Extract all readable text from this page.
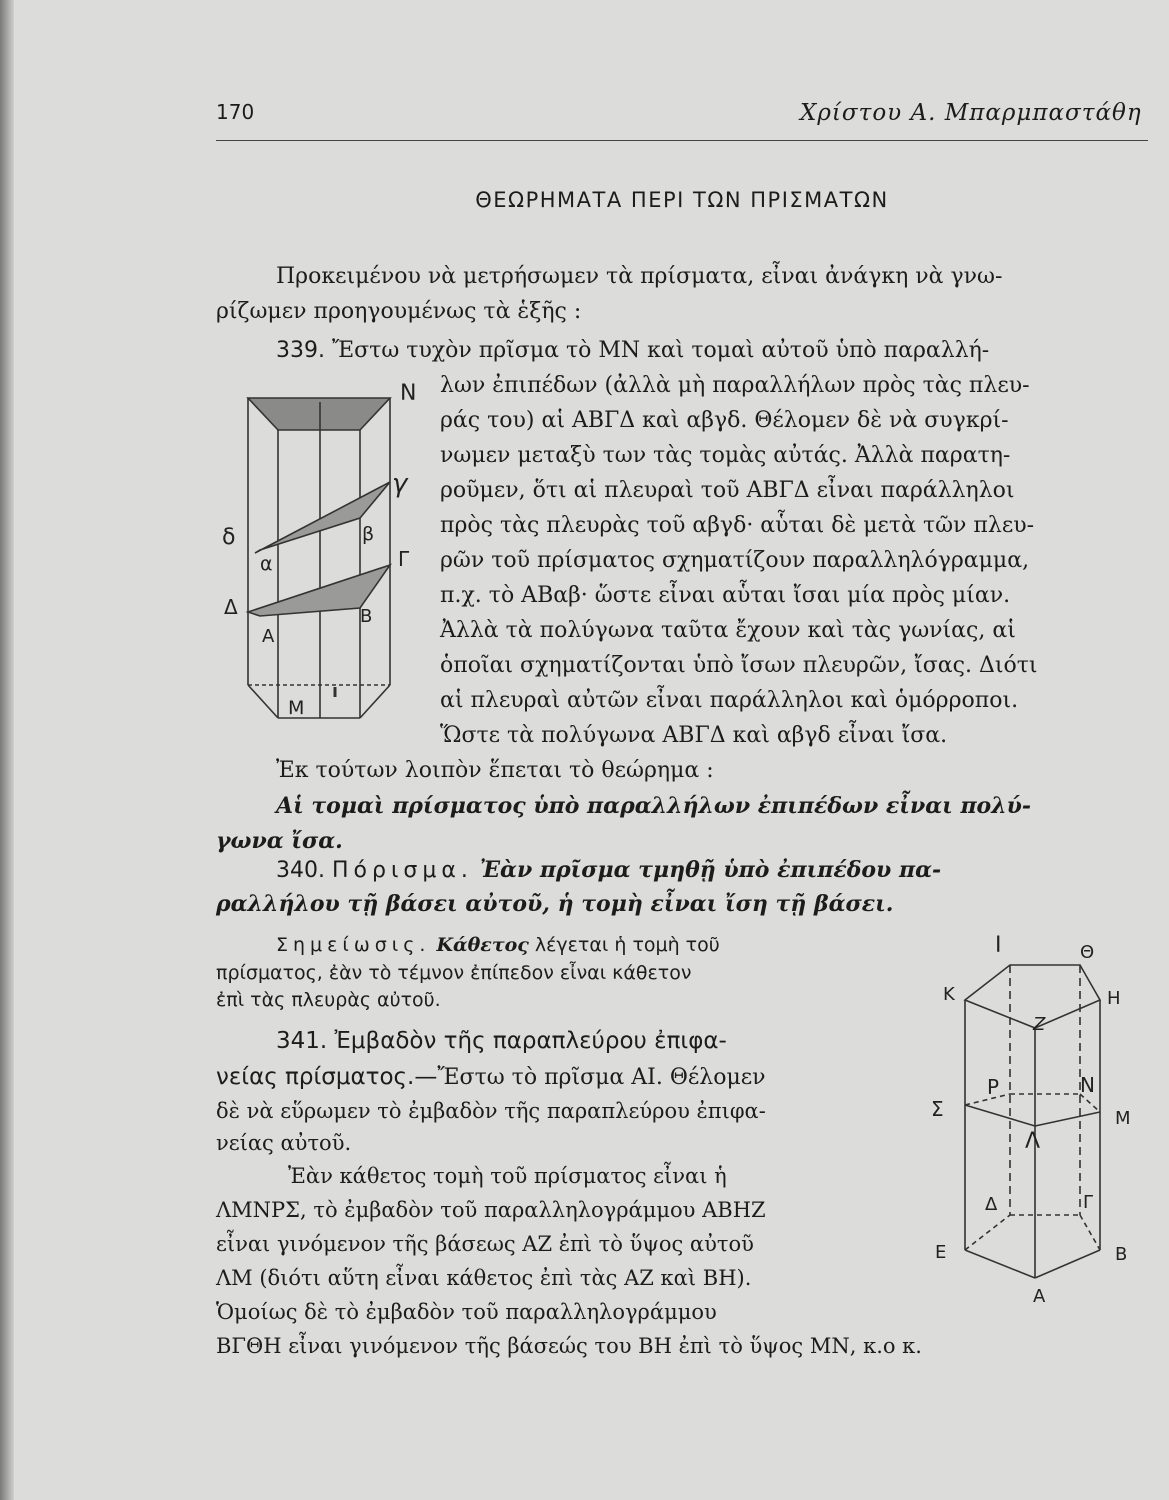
170	Χρίστου Α. Μπαρμπαστάθη
ΘΕΩΡΗΜΑΤΑ ΠΕΡΙ ΤΩΝ ΠΡΙΣΜΑΤΩΝ
Προκειμένου νὰ μετρήσωμεν τὰ πρίσματα, εἶναι ἀνάγκη νὰ γνω-
ρίζωμεν προηγουμένως τὰ ἑξῆς :
339. Ἔστω τυχὸν πρῖσμα τὸ ΜΝ καὶ τομαὶ αὐτοῦ ὑπὸ παραλλή-
λων ἐπιπέδων (ἀλλὰ μὴ παραλλήλων πρὸς τὰς πλευ-
ράς του) αἱ ΑΒΓΔ καὶ αβγδ. Θέλομεν δὲ νὰ συγκρί-
νωμεν μεταξὺ των τὰς τομὰς αὐτάς. Ἀλλὰ παρατη-
ροῦμεν, ὅτι αἱ πλευραὶ τοῦ ΑΒΓΔ εἶναι παράλληλοι
πρὸς τὰς πλευρὰς τοῦ αβγδ· αὗται δὲ μετὰ τῶν πλευ-
ρῶν τοῦ πρίσματος σχηματίζουν παραλληλόγραμμα,
π.χ. τὸ ΑΒαβ· ὥστε εἶναι αὗται ἴσαι μία πρὸς μίαν.
Ἀλλὰ τὰ πολύγωνα ταῦτα ἔχουν καὶ τὰς γωνίας, αἱ
ὁποῖαι σχηματίζονται ὑπὸ ἴσων πλευρῶν, ἴσας. Διότι
αἱ πλευραὶ αὐτῶν εἶναι παράλληλοι καὶ ὁμόρροποι.
Ὥστε τὰ πολύγωνα ΑΒΓΔ καὶ αβγδ εἶναι ἴσα.
Ἐκ τούτων λοιπὸν ἕπεται τὸ θεώρημα :
Αἱ τομαὶ πρίσματος ὑπὸ παραλλήλων ἐπιπέδων εἶναι πολύ-
γωνα ἴσα.
Ν
γ
δ	β
α	Γ
Δ	Β
Α
Μ
340. Πόρισμα. Ἐὰν πρῖσμα τμηθῇ ὑπὸ ἐπιπέδου πα-
ραλλήλου τῇ βάσει αὐτοῦ, ἡ τομὴ εἶναι ἴση τῇ βάσει.
Σημείωσις. Κάθετος λέγεται ἡ τομὴ τοῦ
πρίσματος, ἐὰν τὸ τέμνον ἐπίπεδον εἶναι κάθετον
ἐπὶ τὰς πλευρὰς αὐτοῦ.
341. Ἐμβαδὸν τῆς παραπλεύρου ἐπιφα-
νείας πρίσματος.—Ἔστω τὸ πρῖσμα ΑΙ. Θέλομεν
δὲ νὰ εὕρωμεν τὸ ἐμβαδὸν τῆς παραπλεύρου ἐπιφα-
νείας αὐτοῦ.
Ἐὰν κάθετος τομὴ τοῦ πρίσματος εἶναι ἡ
ΛΜΝΡΣ, τὸ ἐμβαδὸν τοῦ παραλληλογράμμου ΑΒΗΖ
εἶναι γινόμενον τῆς βάσεως ΑΖ ἐπὶ τὸ ὕψος αὐτοῦ
ΛΜ (διότι αὕτη εἶναι κάθετος ἐπὶ τὰς ΑΖ καὶ ΒΗ).
Ὁμοίως δὲ τὸ ἐμβαδὸν τοῦ παραλληλογράμμου
ΒΓΘΗ εἶναι γινόμενον τῆς βάσεώς του ΒΗ ἐπὶ τὸ ὕψος ΜΝ, κ.ο κ.
Ι	Θ
Κ	Η
Ζ
Ρ	Ν
Σ	Μ
Λ
Δ	Γ
Ε	Β
Α
